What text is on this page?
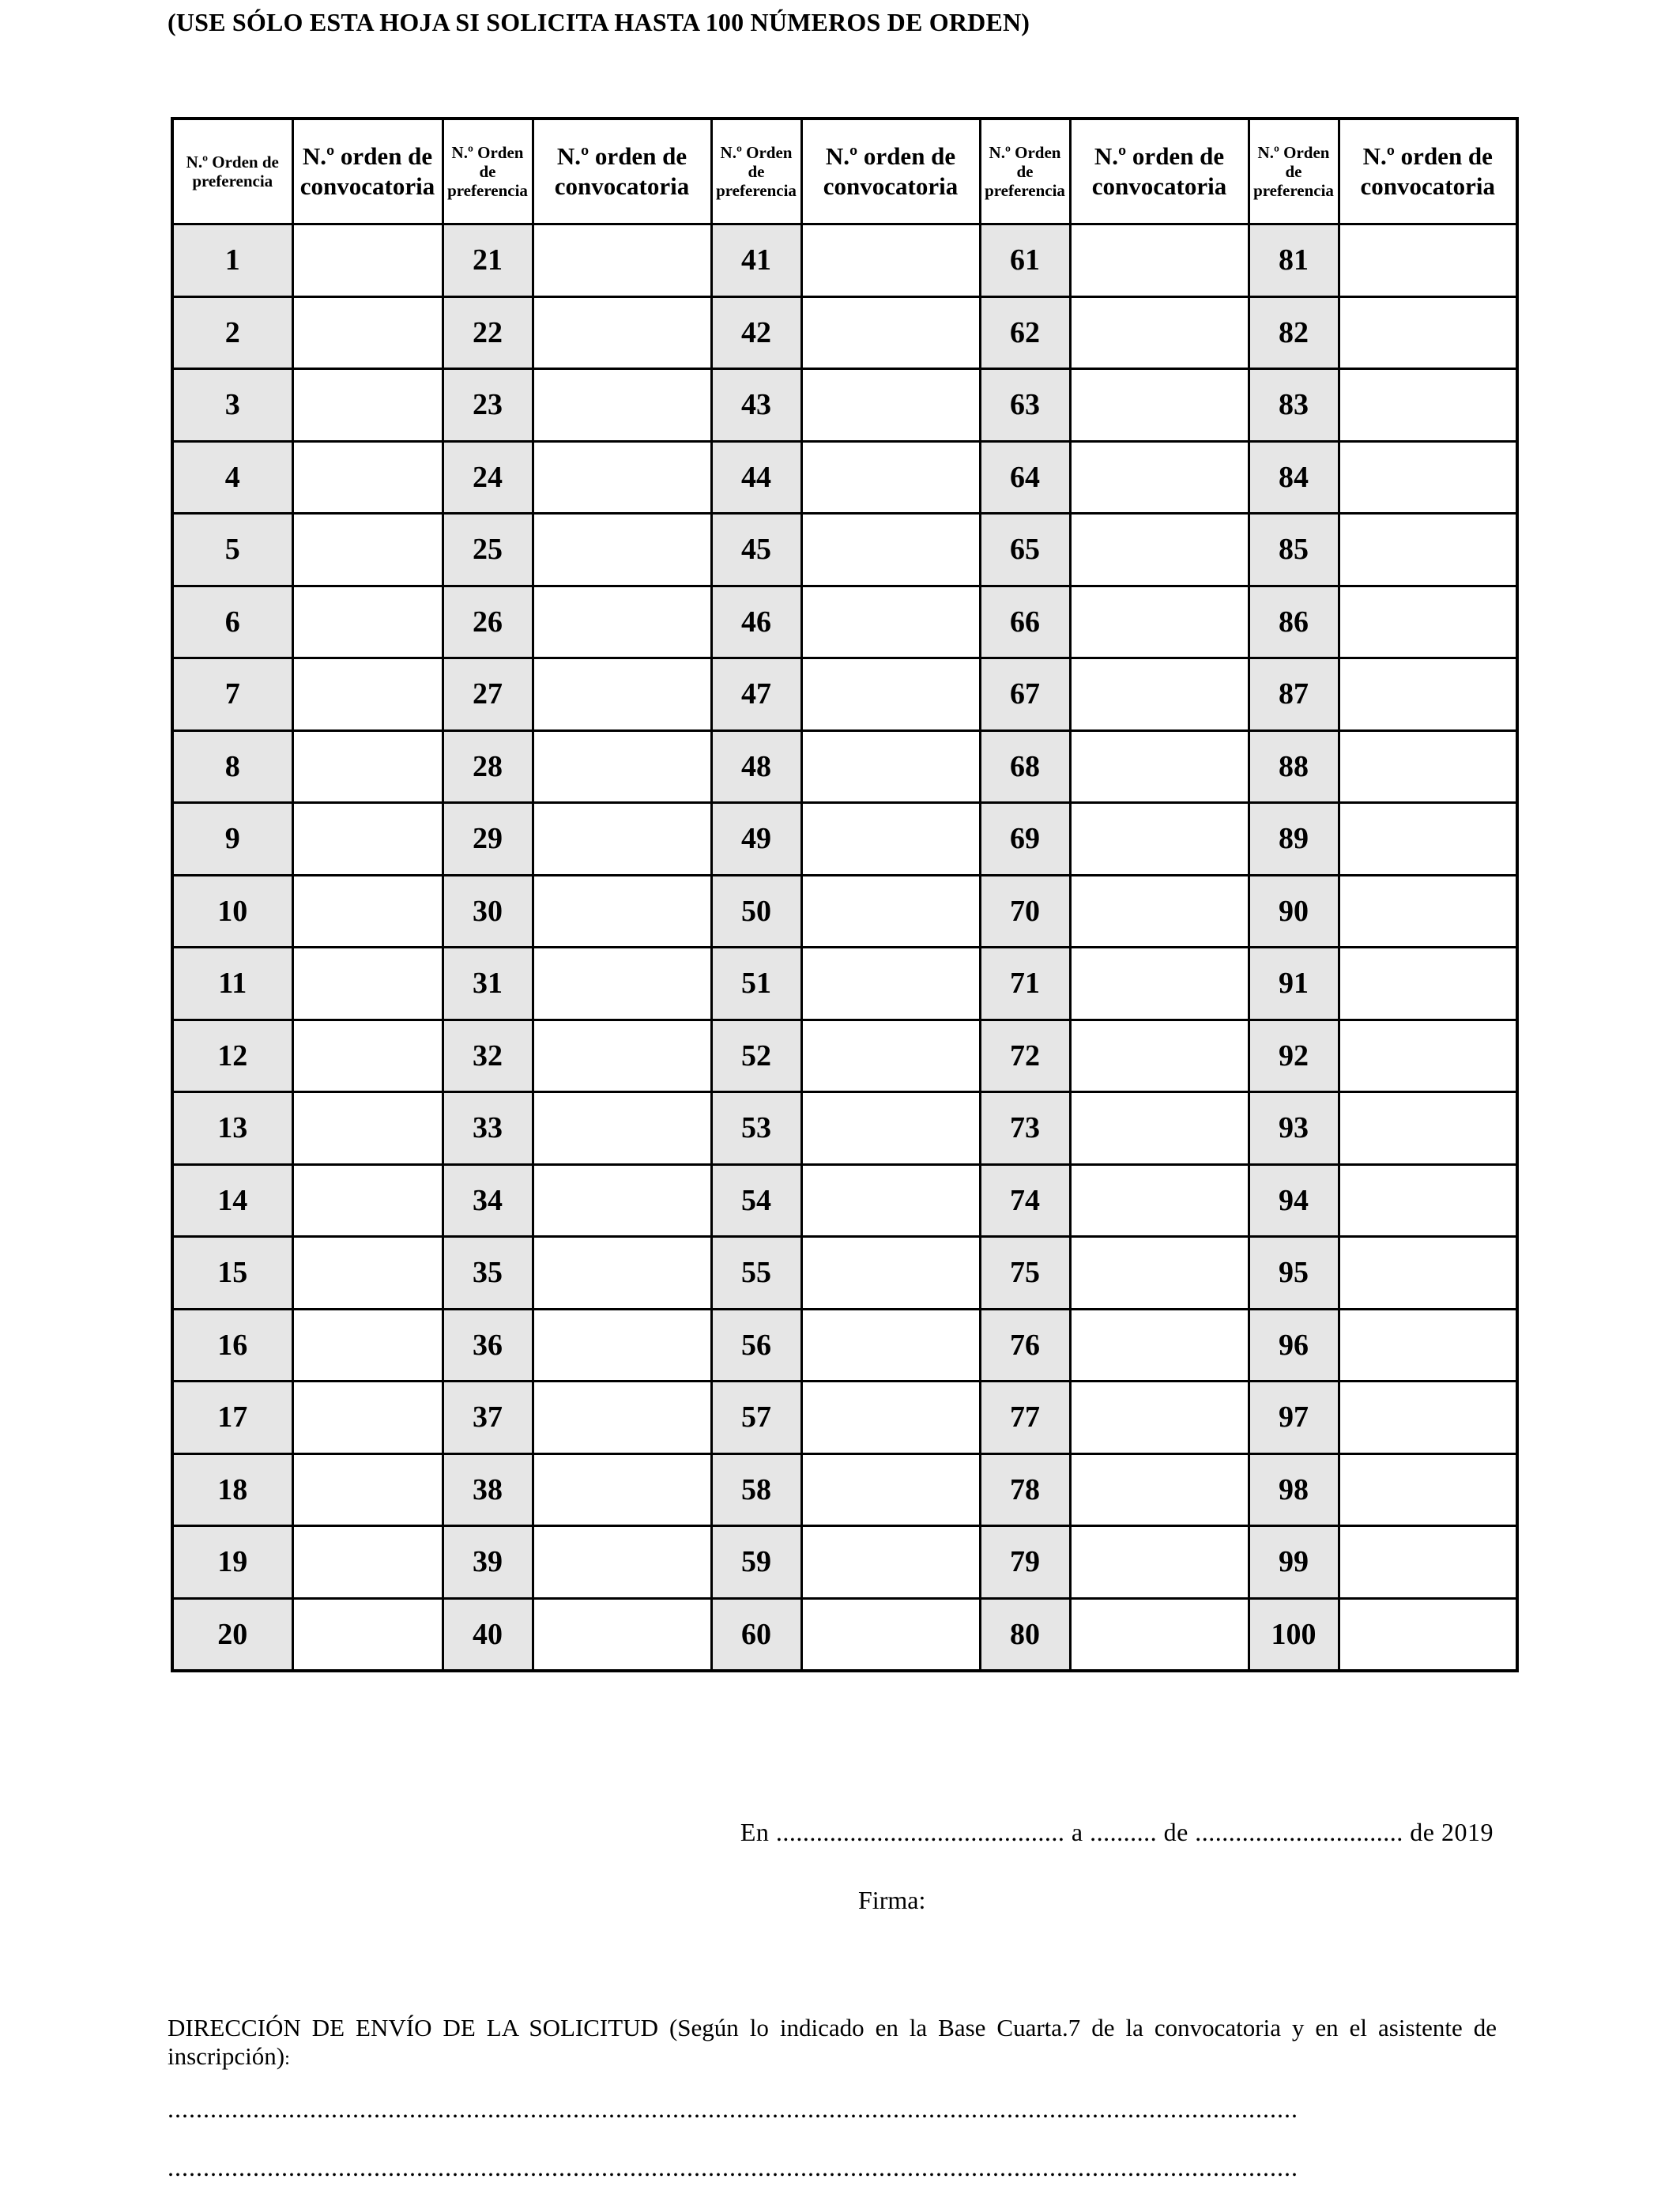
(USE SÓLO ESTA HOJA SI SOLICITA HASTA 100 NÚMEROS DE ORDEN)
N.º Orden de preferencia	N.º orden de convocatoria	N.º Orden de preferencia	N.º orden de convocatoria	N.º Orden de preferencia	N.º orden de convocatoria	N.º Orden de preferencia	N.º orden de convocatoria	N.º Orden de preferencia	N.º orden de convocatoria
1		21		41		61		81	
2		22		42		62		82	
3		23		43		63		83	
4		24		44		64		84	
5		25		45		65		85	
6		26		46		66		86	
7		27		47		67		87	
8		28		48		68		88	
9		29		49		69		89	
10		30		50		70		90	
11		31		51		71		91	
12		32		52		72		92	
13		33		53		73		93	
14		34		54		74		94	
15		35		55		75		95	
16		36		56		76		96	
17		37		57		77		97	
18		38		58		78		98	
19		39		59		79		99	
20		40		60		80		100	
En ........................................... a .......... de ............................... de 2019
Firma:
DIRECCIÓN DE ENVÍO DE LA SOLICITUD (Según lo indicado en la Base Cuarta.7 de la convocatoria y en el asistente de inscripción):
...............................................................................................................................................................
...............................................................................................................................................................
